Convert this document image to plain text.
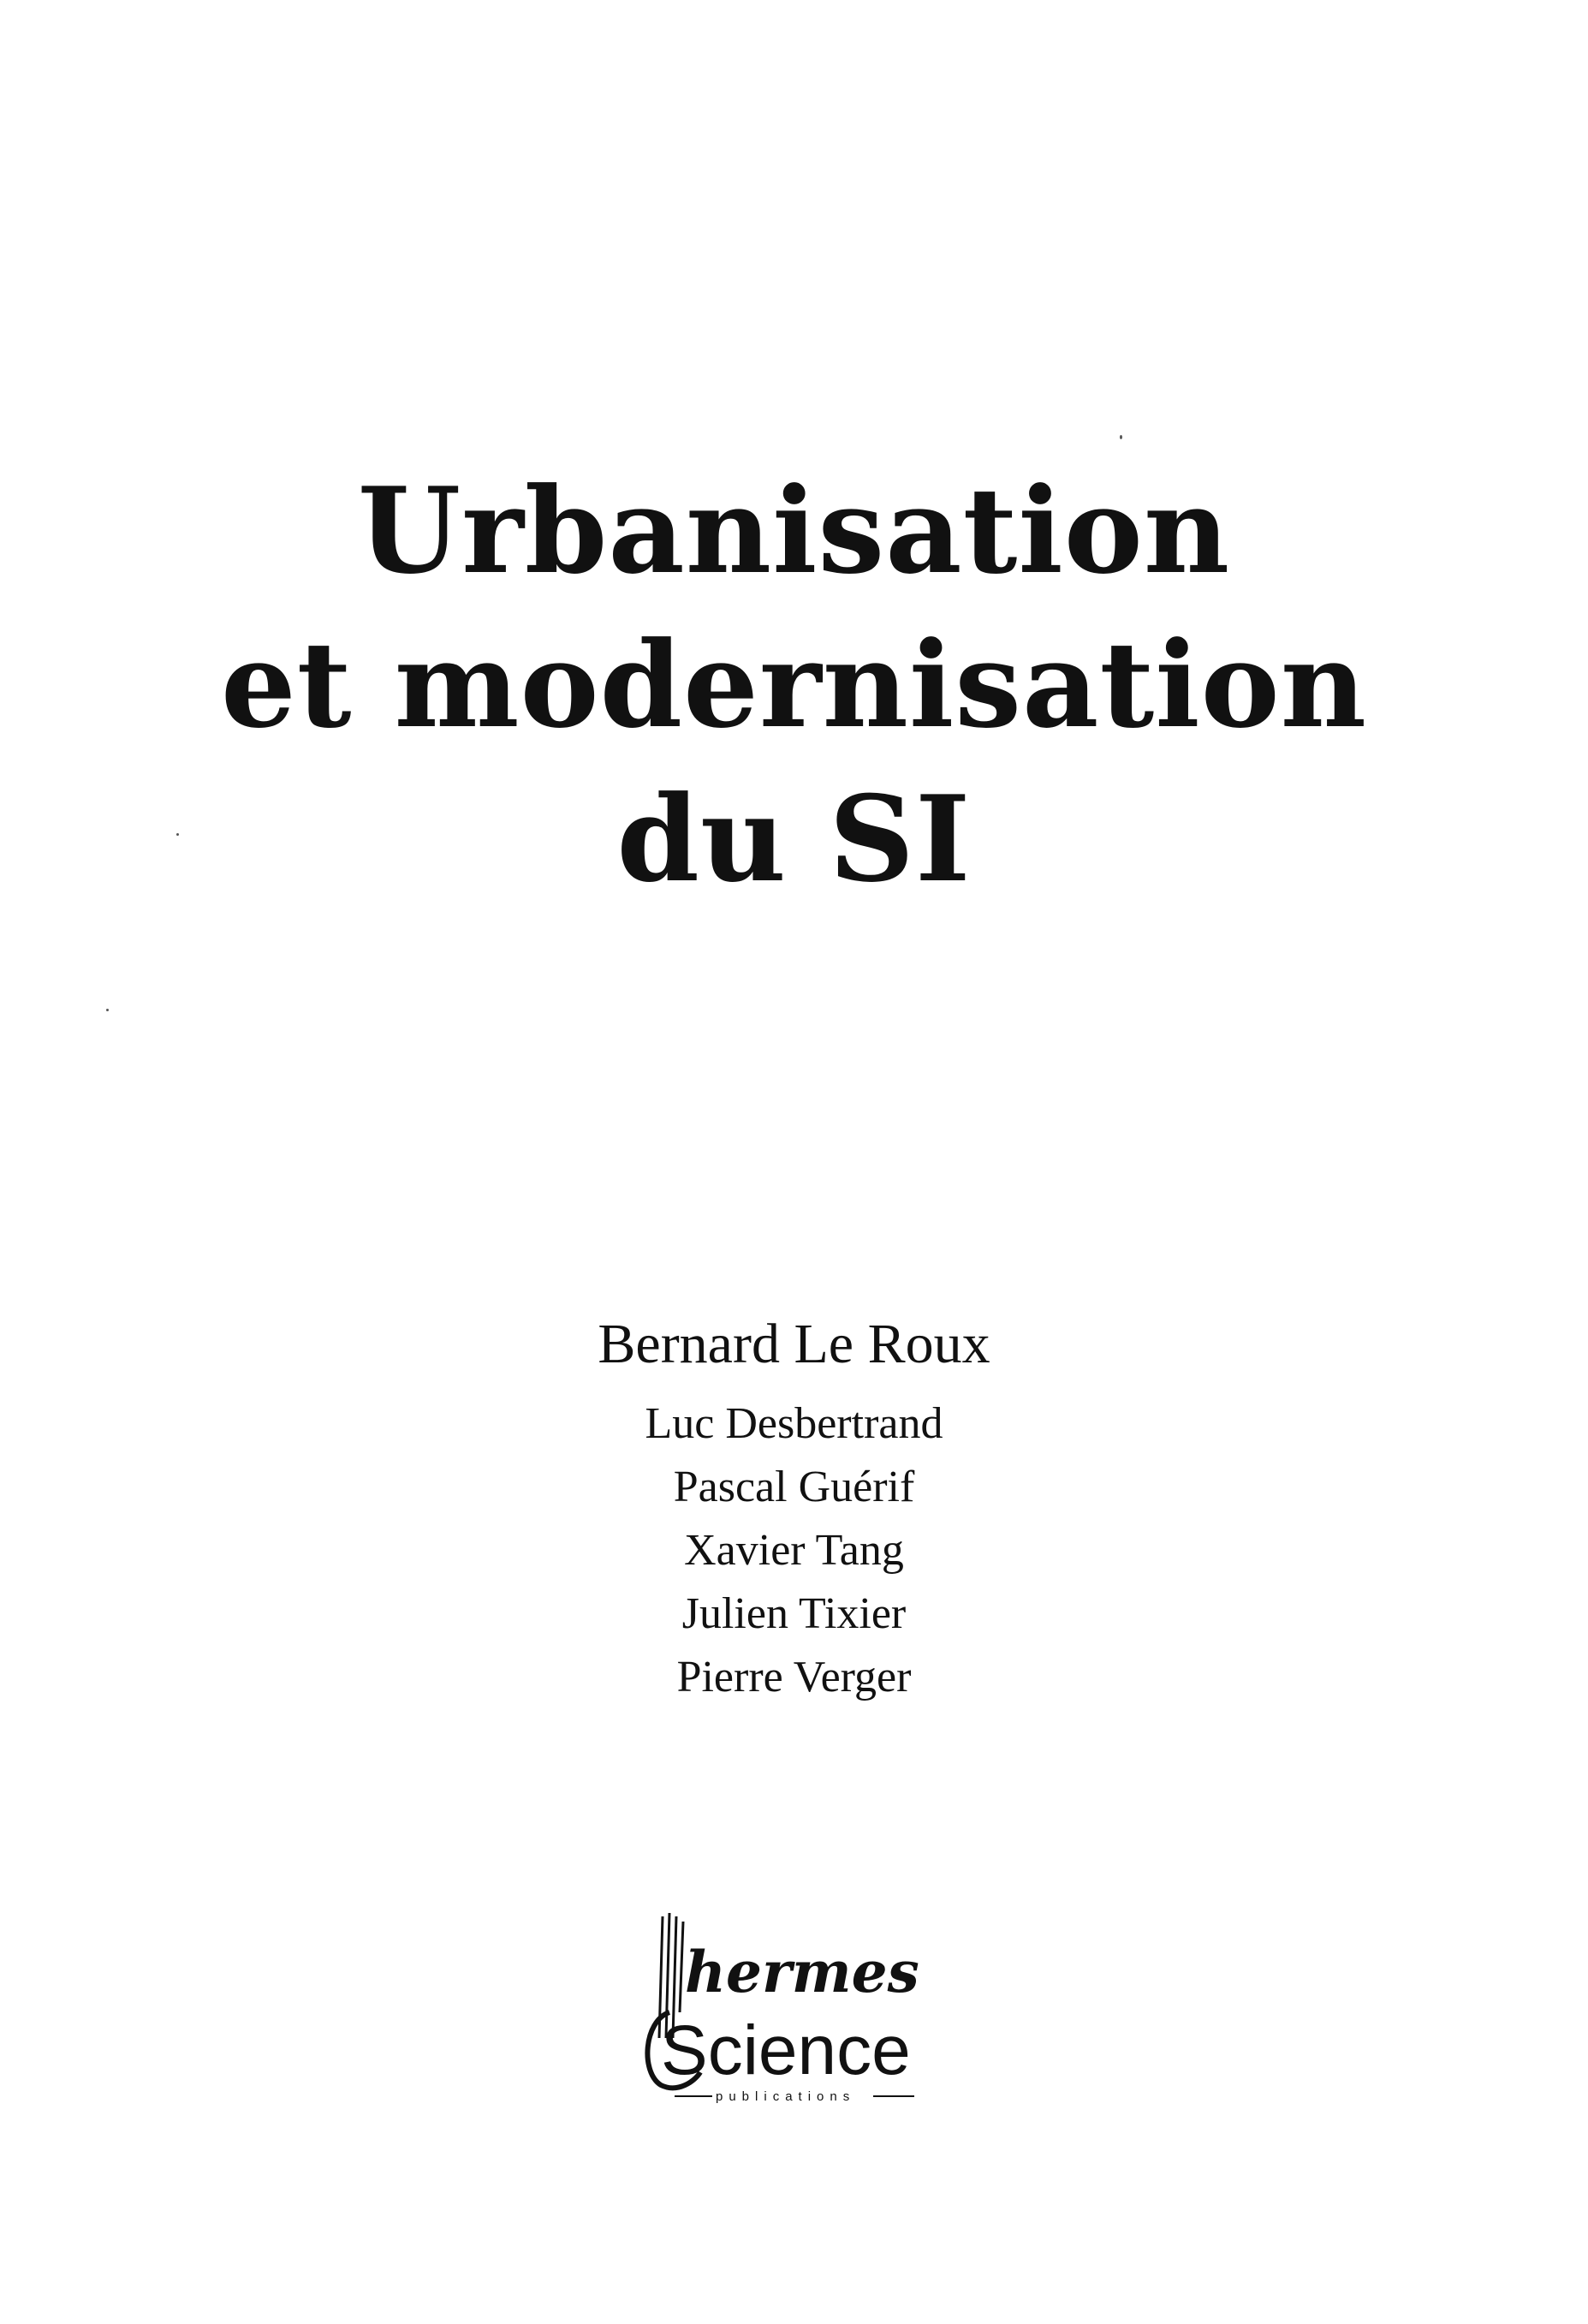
Urbanisation
et modernisation
du SI
Bernard Le Roux
Luc Desbertrand
Pascal Guérif
Xavier Tang
Julien Tixier
Pierre Verger
hermes
Science
publications
